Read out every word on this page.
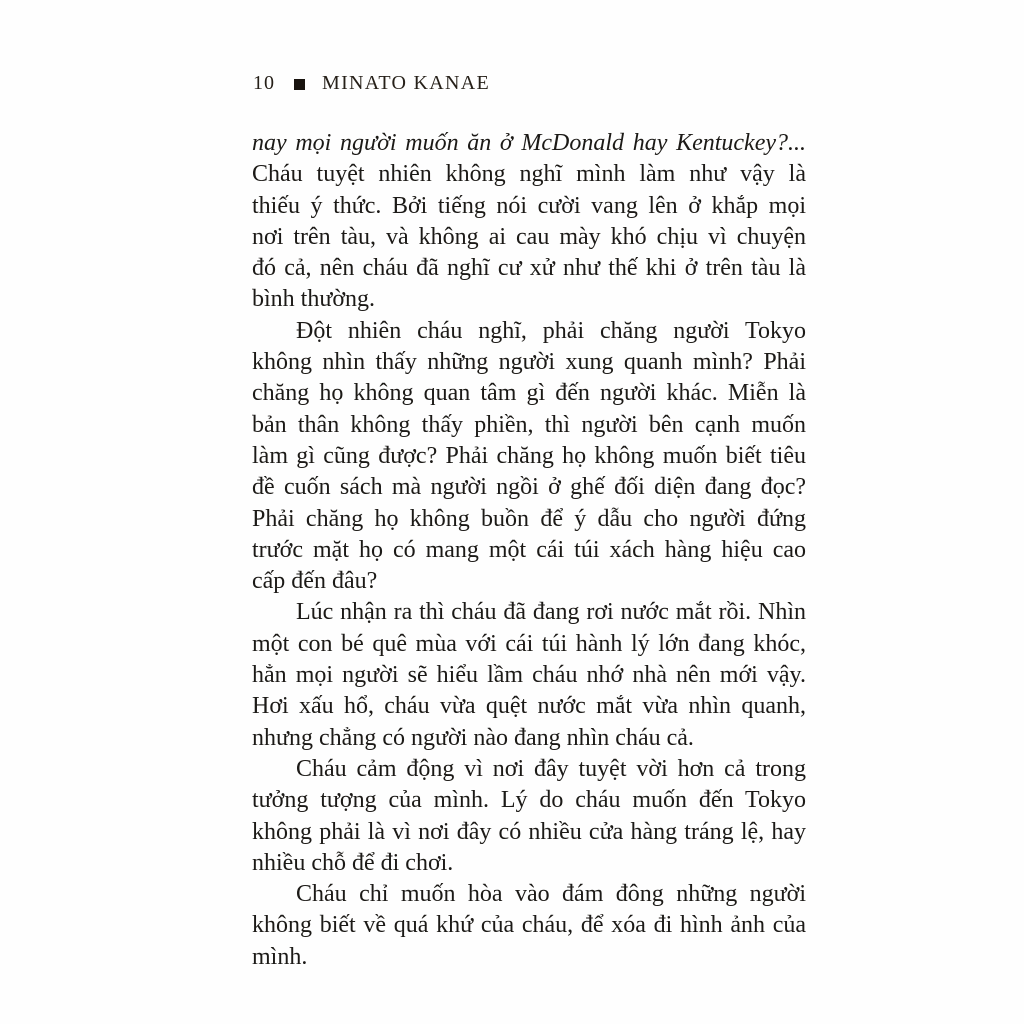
10 MINATO KANAE
nay mọi người muốn ăn ở McDonald hay Kentuckey?...
Cháu tuyệt nhiên không nghĩ mình làm như vậy là
thiếu ý thức. Bởi tiếng nói cười vang lên ở khắp mọi
nơi trên tàu, và không ai cau mày khó chịu vì chuyện
đó cả, nên cháu đã nghĩ cư xử như thế khi ở trên tàu là
bình thường.
Đột nhiên cháu nghĩ, phải chăng người Tokyo
không nhìn thấy những người xung quanh mình? Phải
chăng họ không quan tâm gì đến người khác. Miễn là
bản thân không thấy phiền, thì người bên cạnh muốn
làm gì cũng được? Phải chăng họ không muốn biết tiêu
đề cuốn sách mà người ngồi ở ghế đối diện đang đọc?
Phải chăng họ không buồn để ý dẫu cho người đứng
trước mặt họ có mang một cái túi xách hàng hiệu cao
cấp đến đâu?
Lúc nhận ra thì cháu đã đang rơi nước mắt rồi. Nhìn
một con bé quê mùa với cái túi hành lý lớn đang khóc,
hẳn mọi người sẽ hiểu lầm cháu nhớ nhà nên mới vậy.
Hơi xấu hổ, cháu vừa quệt nước mắt vừa nhìn quanh,
nhưng chẳng có người nào đang nhìn cháu cả.
Cháu cảm động vì nơi đây tuyệt vời hơn cả trong
tưởng tượng của mình. Lý do cháu muốn đến Tokyo
không phải là vì nơi đây có nhiều cửa hàng tráng lệ, hay
nhiều chỗ để đi chơi.
Cháu chỉ muốn hòa vào đám đông những người
không biết về quá khứ của cháu, để xóa đi hình ảnh của
mình.
